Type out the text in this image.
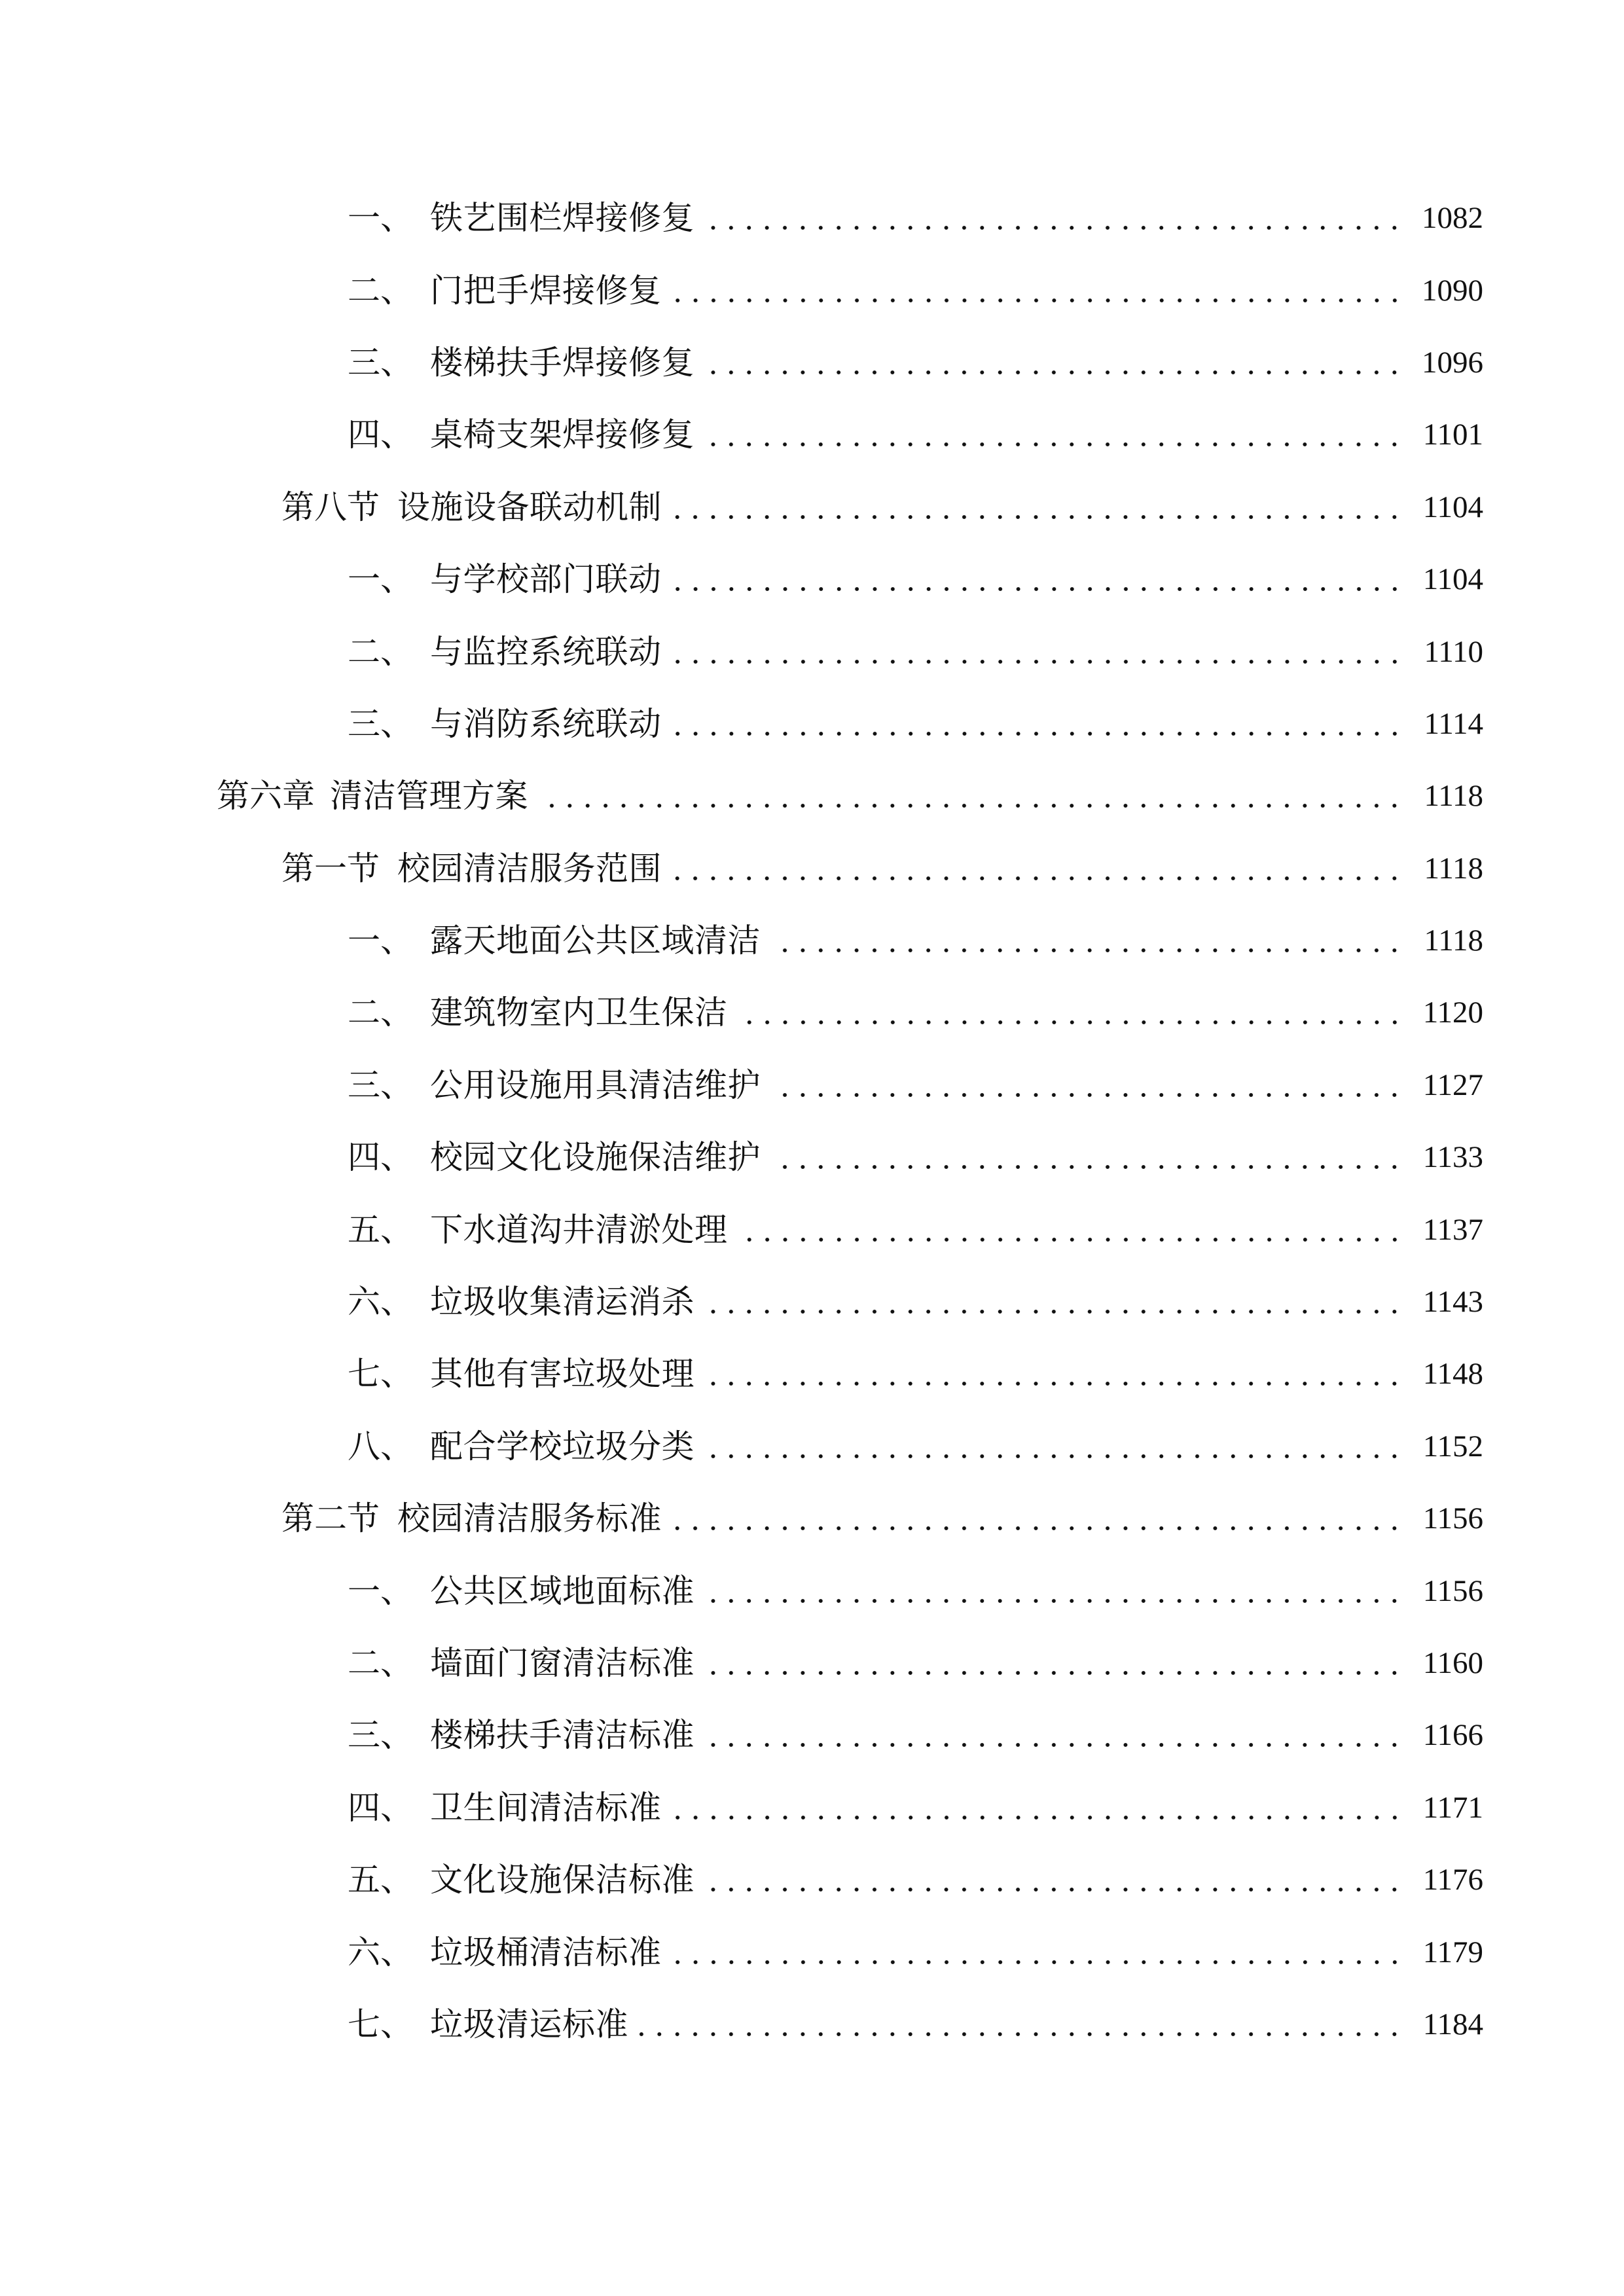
一、 铁艺围栏焊接修复	1082
二、 门把手焊接修复	1090
三、 楼梯扶手焊接修复	1096
四、 桌椅支架焊接修复	1101
第八节 设施设备联动机制	1104
一、 与学校部门联动	1104
二、 与监控系统联动	1110
三、 与消防系统联动	1114
第六章 清洁管理方案	1118
第一节 校园清洁服务范围	1118
一、 露天地面公共区域清洁	1118
二、 建筑物室内卫生保洁	1120
三、 公用设施用具清洁维护	1127
四、 校园文化设施保洁维护	1133
五、 下水道沟井清淤处理	1137
六、 垃圾收集清运消杀	1143
七、 其他有害垃圾处理	1148
八、 配合学校垃圾分类	1152
第二节 校园清洁服务标准	1156
一、 公共区域地面标准	1156
二、 墙面门窗清洁标准	1160
三、 楼梯扶手清洁标准	1166
四、 卫生间清洁标准	1171
五、 文化设施保洁标准	1176
六、 垃圾桶清洁标准	1179
七、 垃圾清运标准	1184
